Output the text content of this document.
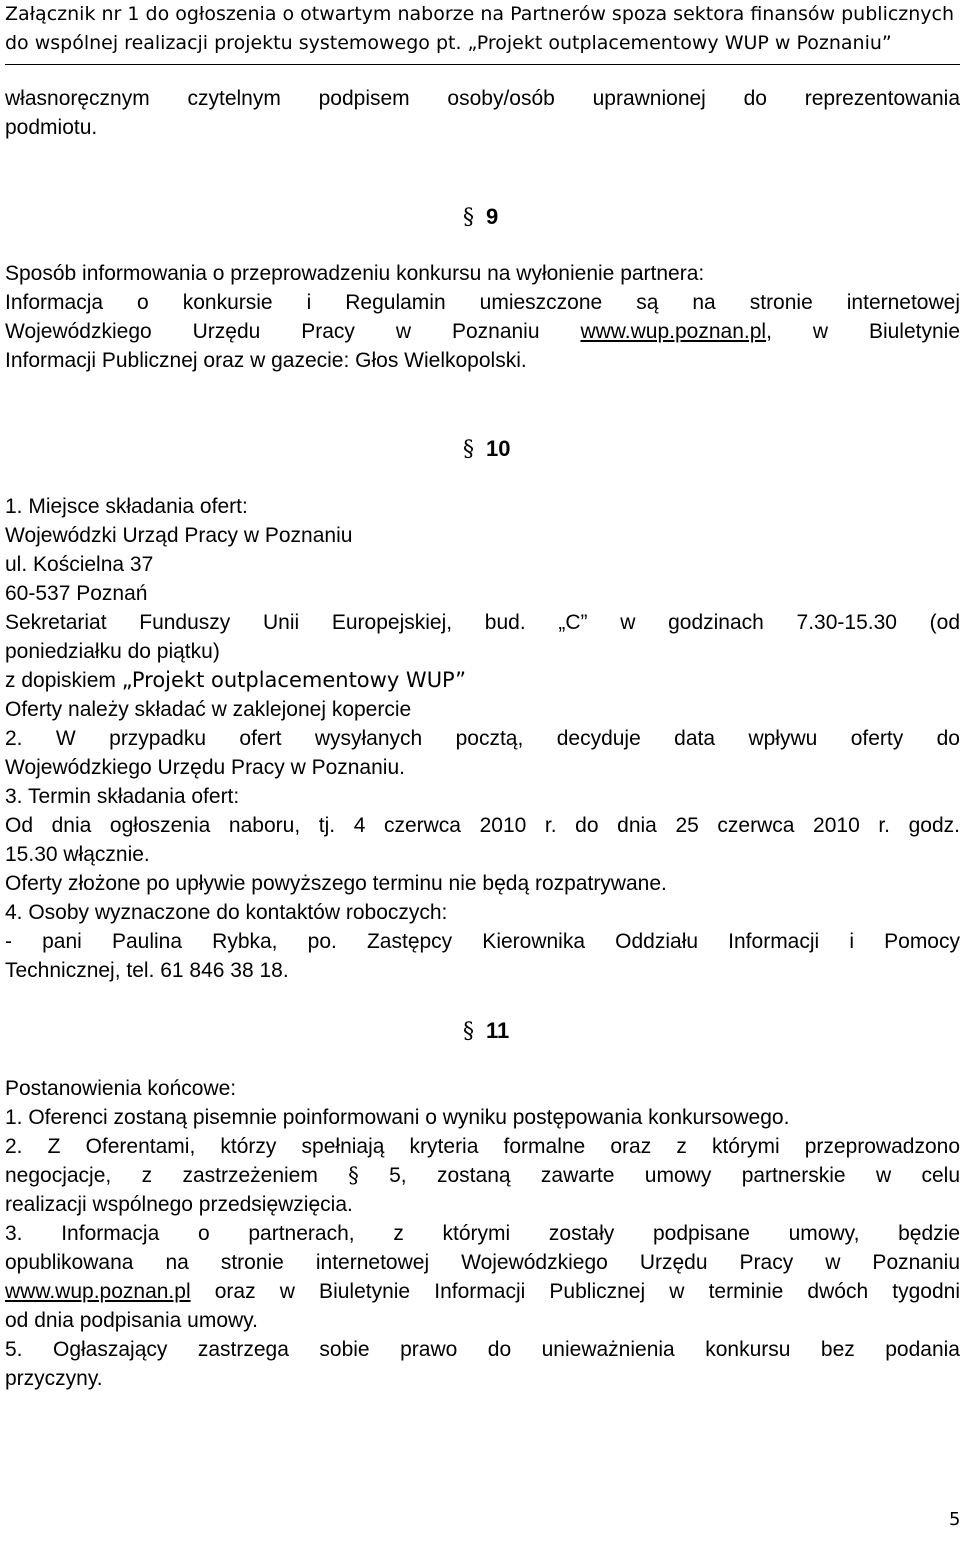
Załącznik nr 1 do ogłoszenia o otwartym naborze na Partnerów spoza sektora finansów publicznych
do wspólnej realizacji projektu systemowego pt. „Projekt outplacementowy WUP w Poznaniu”

własnoręcznym czytelnym podpisem osoby/osób uprawnionej do reprezentowania

podmiotu.

§ 9

Sposób informowania o przeprowadzeniu konkursu na wyłonienie partnera:

Informacja o konkursie i Regulamin umieszczone są na stronie internetowej

Wojewódzkiego Urzędu Pracy w Poznaniu www.wup.poznan.pl, w Biuletynie

Informacji Publicznej oraz w gazecie: Głos Wielkopolski.

§ 10

1. Miejsce składania ofert:

Wojewódzki Urząd Pracy w Poznaniu

ul. Kościelna 37

60-537 Poznań

Sekretariat Funduszy Unii Europejskiej, bud. „C” w godzinach 7.30-15.30 (od

poniedziałku do piątku)

z dopiskiem „Projekt outplacementowy WUP”

Oferty należy składać w zaklejonej kopercie

2. W przypadku ofert wysyłanych pocztą, decyduje data wpływu oferty do

Wojewódzkiego Urzędu Pracy w Poznaniu.

3. Termin składania ofert:

Od dnia ogłoszenia naboru, tj. 4 czerwca 2010 r. do dnia 25 czerwca 2010 r. godz.

15.30 włącznie.

Oferty złożone po upływie powyższego terminu nie będą rozpatrywane.

4. Osoby wyznaczone do kontaktów roboczych:

- pani Paulina Rybka, po. Zastępcy Kierownika Oddziału Informacji i Pomocy

Technicznej, tel. 61 846 38 18.

§ 11

Postanowienia końcowe:

1. Oferenci zostaną pisemnie poinformowani o wyniku postępowania konkursowego.

2. Z Oferentami, którzy spełniają kryteria formalne oraz z którymi przeprowadzono

negocjacje, z zastrzeżeniem § 5, zostaną zawarte umowy partnerskie w celu

realizacji wspólnego przedsięwzięcia.

3. Informacja o partnerach, z którymi zostały podpisane umowy, będzie

opublikowana na stronie internetowej Wojewódzkiego Urzędu Pracy w Poznaniu

www.wup.poznan.pl oraz w Biuletynie Informacji Publicznej w terminie dwóch tygodni

od dnia podpisania umowy.

5. Ogłaszający zastrzega sobie prawo do unieważnienia konkursu bez podania

przyczyny.

5
